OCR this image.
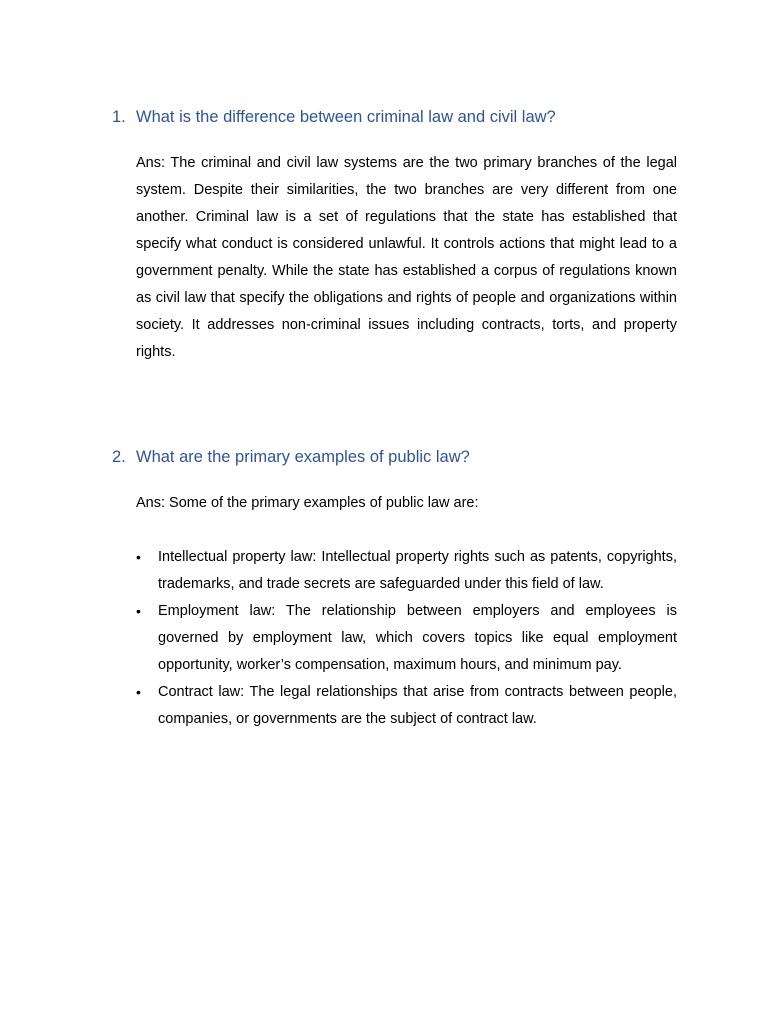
1. What is the difference between criminal law and civil law?

Ans: The criminal and civil law systems are the two primary branches of the legal system. Despite their similarities, the two branches are very different from one another. Criminal law is a set of regulations that the state has established that specify what conduct is considered unlawful. It controls actions that might lead to a government penalty. While the state has established a corpus of regulations known as civil law that specify the obligations and rights of people and organizations within society. It addresses non-criminal issues including contracts, torts, and property rights.

2. What are the primary examples of public law?

Ans: Some of the primary examples of public law are:

•	Intellectual property law: Intellectual property rights such as patents, copyrights, trademarks, and trade secrets are safeguarded under this field of law.
•	Employment law: The relationship between employers and employees is governed by employment law, which covers topics like equal employment opportunity, worker’s compensation, maximum hours, and minimum pay.
•	Contract law: The legal relationships that arise from contracts between people, companies, or governments are the subject of contract law.
